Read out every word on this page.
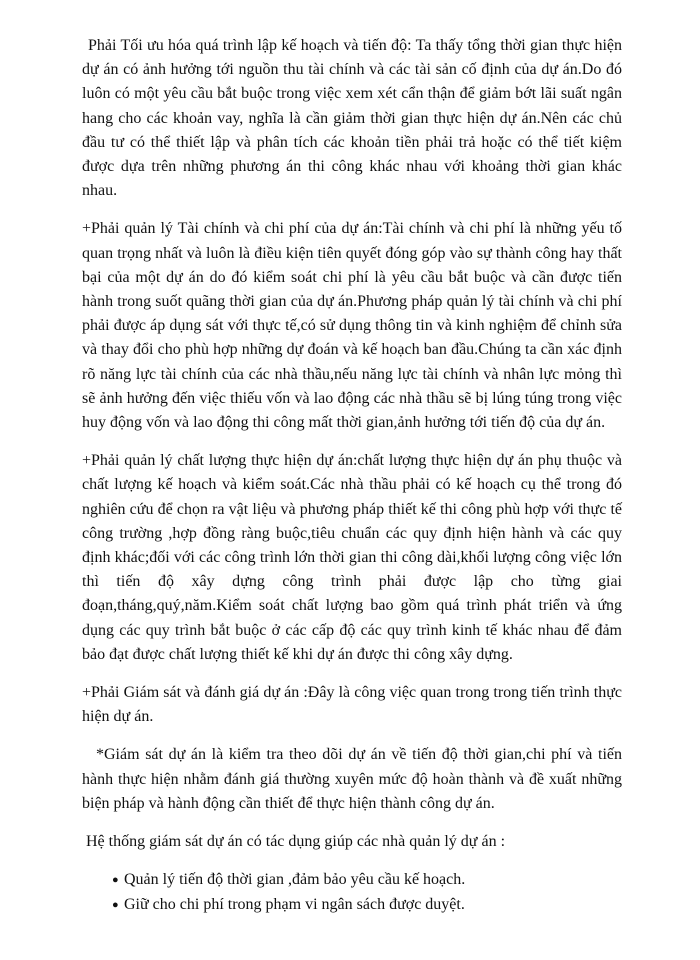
Phải Tối ưu hóa quá trình lập kế hoạch và tiến độ: Ta thấy tổng thời gian thực hiện dự án có ảnh hưởng tới nguồn thu tài chính và các tài sản cố định của dự án.Do đó luôn có một yêu cầu bắt buộc trong việc xem xét cẩn thận để giảm bớt lãi suất ngân hang cho các khoản vay, nghĩa là cần giảm thời gian thực hiện dự án.Nên các chủ đầu tư có thể thiết lập và phân tích các khoản tiền phải trả hoặc có thể tiết kiệm được dựa trên những phương án thi công khác nhau với khoảng thời gian khác nhau.

+Phải quản lý Tài chính và chi phí của dự án:Tài chính và chi phí là những yếu tố quan trọng nhất và luôn là điều kiện tiên quyết đóng góp vào sự thành công hay thất bại của một dự án do đó kiểm soát chi phí là yêu cầu bắt buộc và cần được tiến hành trong suốt quãng thời gian của dự án.Phương pháp quản lý tài chính và chi phí phải được áp dụng sát với thực tế,có sử dụng thông tin và kinh nghiệm để chỉnh sửa và thay đổi cho phù hợp những dự đoán và kế hoạch ban đầu.Chúng ta cần xác định rõ năng lực tài chính của các nhà thầu,nếu năng lực tài chính và nhân lực mỏng thì sẽ ảnh hưởng đến việc thiếu vốn và lao động các nhà thầu sẽ bị lúng túng trong việc huy động vốn và lao động thi công mất thời gian,ảnh hưởng tới tiến độ của dự án.

+Phải quản lý chất lượng thực hiện dự án:chất lượng thực hiện dự án phụ thuộc và chất lượng kế hoạch và kiểm soát.Các nhà thầu phải có kế hoạch cụ thể trong đó nghiên cứu để chọn ra vật liệu và phương pháp thiết kế thi công phù hợp với thực tế công trường ,hợp đồng ràng buộc,tiêu chuẩn các quy định hiện hành và các quy định khác;đối với các công trình lớn thời gian thi công dài,khối lượng công việc lớn thì tiến độ xây dựng công trình phải được lập cho từng giai đoạn,tháng,quý,năm.Kiểm soát chất lượng bao gồm quá trình phát triển và ứng dụng các quy trình bắt buộc ở các cấp độ các quy trình kinh tế khác nhau để đảm bảo đạt được chất lượng thiết kế khi dự án được thi công xây dựng.

+Phải Giám sát và đánh giá dự án :Đây là công việc quan trong trong tiến trình thực hiện dự án.

*Giám sát dự án là kiểm tra theo dõi dự án về tiến độ thời gian,chi phí và tiến hành thực hiện nhằm đánh giá thường xuyên mức độ hoàn thành và đề xuất những biện pháp và hành động cần thiết để thực hiện thành công dự án.

Hệ thống giám sát dự án có tác dụng giúp các nhà quản lý dự án :

● Quản lý tiến độ thời gian ,đảm bảo yêu cầu kế hoạch.
● Giữ cho chi phí trong phạm vi ngân sách được duyệt.
